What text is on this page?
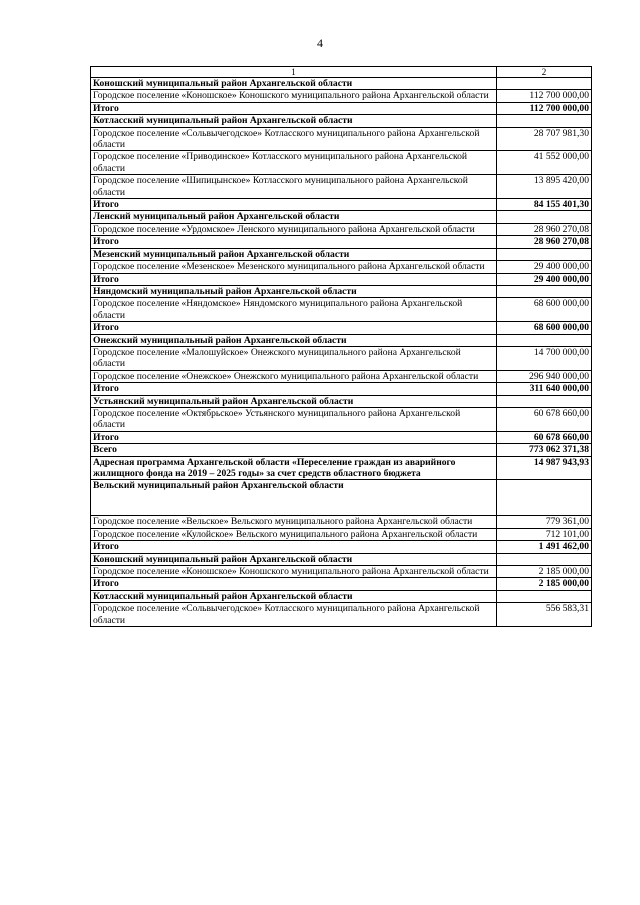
4
1	2
Коношский муниципальный район Архангельской области	
Городское поселение «Коношское» Коношского муниципального района Архангельской области	112 700 000,00
Итого	112 700 000,00
Котласский муниципальный район Архангельской области	
Городское поселение «Сольвычегодское» Котласского муниципального района Архангельской области	28 707 981,30
Городское поселение «Приводинское» Котласского муниципального района Архангельской области	41 552 000,00
Городское поселение «Шипицынское» Котласского муниципального района Архангельской области	13 895 420,00
Итого	84 155 401,30
Ленский муниципальный район Архангельской области	
Городское поселение «Урдомское» Ленского муниципального района Архангельской области	28 960 270,08
Итого	28 960 270,08
Мезенский муниципальный район Архангельской области	
Городское поселение «Мезенское» Мезенского муниципального района Архангельской области	29 400 000,00
Итого	29 400 000,00
Няндомский муниципальный район Архангельской области	
Городское поселение «Няндомское» Няндомского муниципального района Архангельской области	68 600 000,00
Итого	68 600 000,00
Онежский муниципальный район Архангельской области	
Городское поселение «Малошуйское» Онежского муниципального района Архангельской области	14 700 000,00
Городское поселение «Онежское» Онежского муниципального района Архангельской области	296 940 000,00
Итого	311 640 000,00
Устьянский муниципальный район Архангельской области	
Городское поселение «Октябрьское» Устьянского муниципального района Архангельской области	60 678 660,00
Итого	60 678 660,00
Всего	773 062 371,38
Адресная программа Архангельской области «Переселение граждан из аварийного жилищного фонда на 2019 – 2025 годы» за счет средств областного бюджета	14 987 943,93
Вельский муниципальный район Архангельской области	
Городское поселение «Вельское» Вельского муниципального района Архангельской области	779 361,00
Городское поселение «Кулойское» Вельского муниципального района Архангельской области	712 101,00
Итого	1 491 462,00
Коношский муниципальный район Архангельской области	
Городское поселение «Коношское» Коношского муниципального района Архангельской области	2 185 000,00
Итого	2 185 000,00
Котласский муниципальный район Архангельской области	
Городское поселение «Сольвычегодское» Котласского муниципального района Архангельской области	556 583,31
